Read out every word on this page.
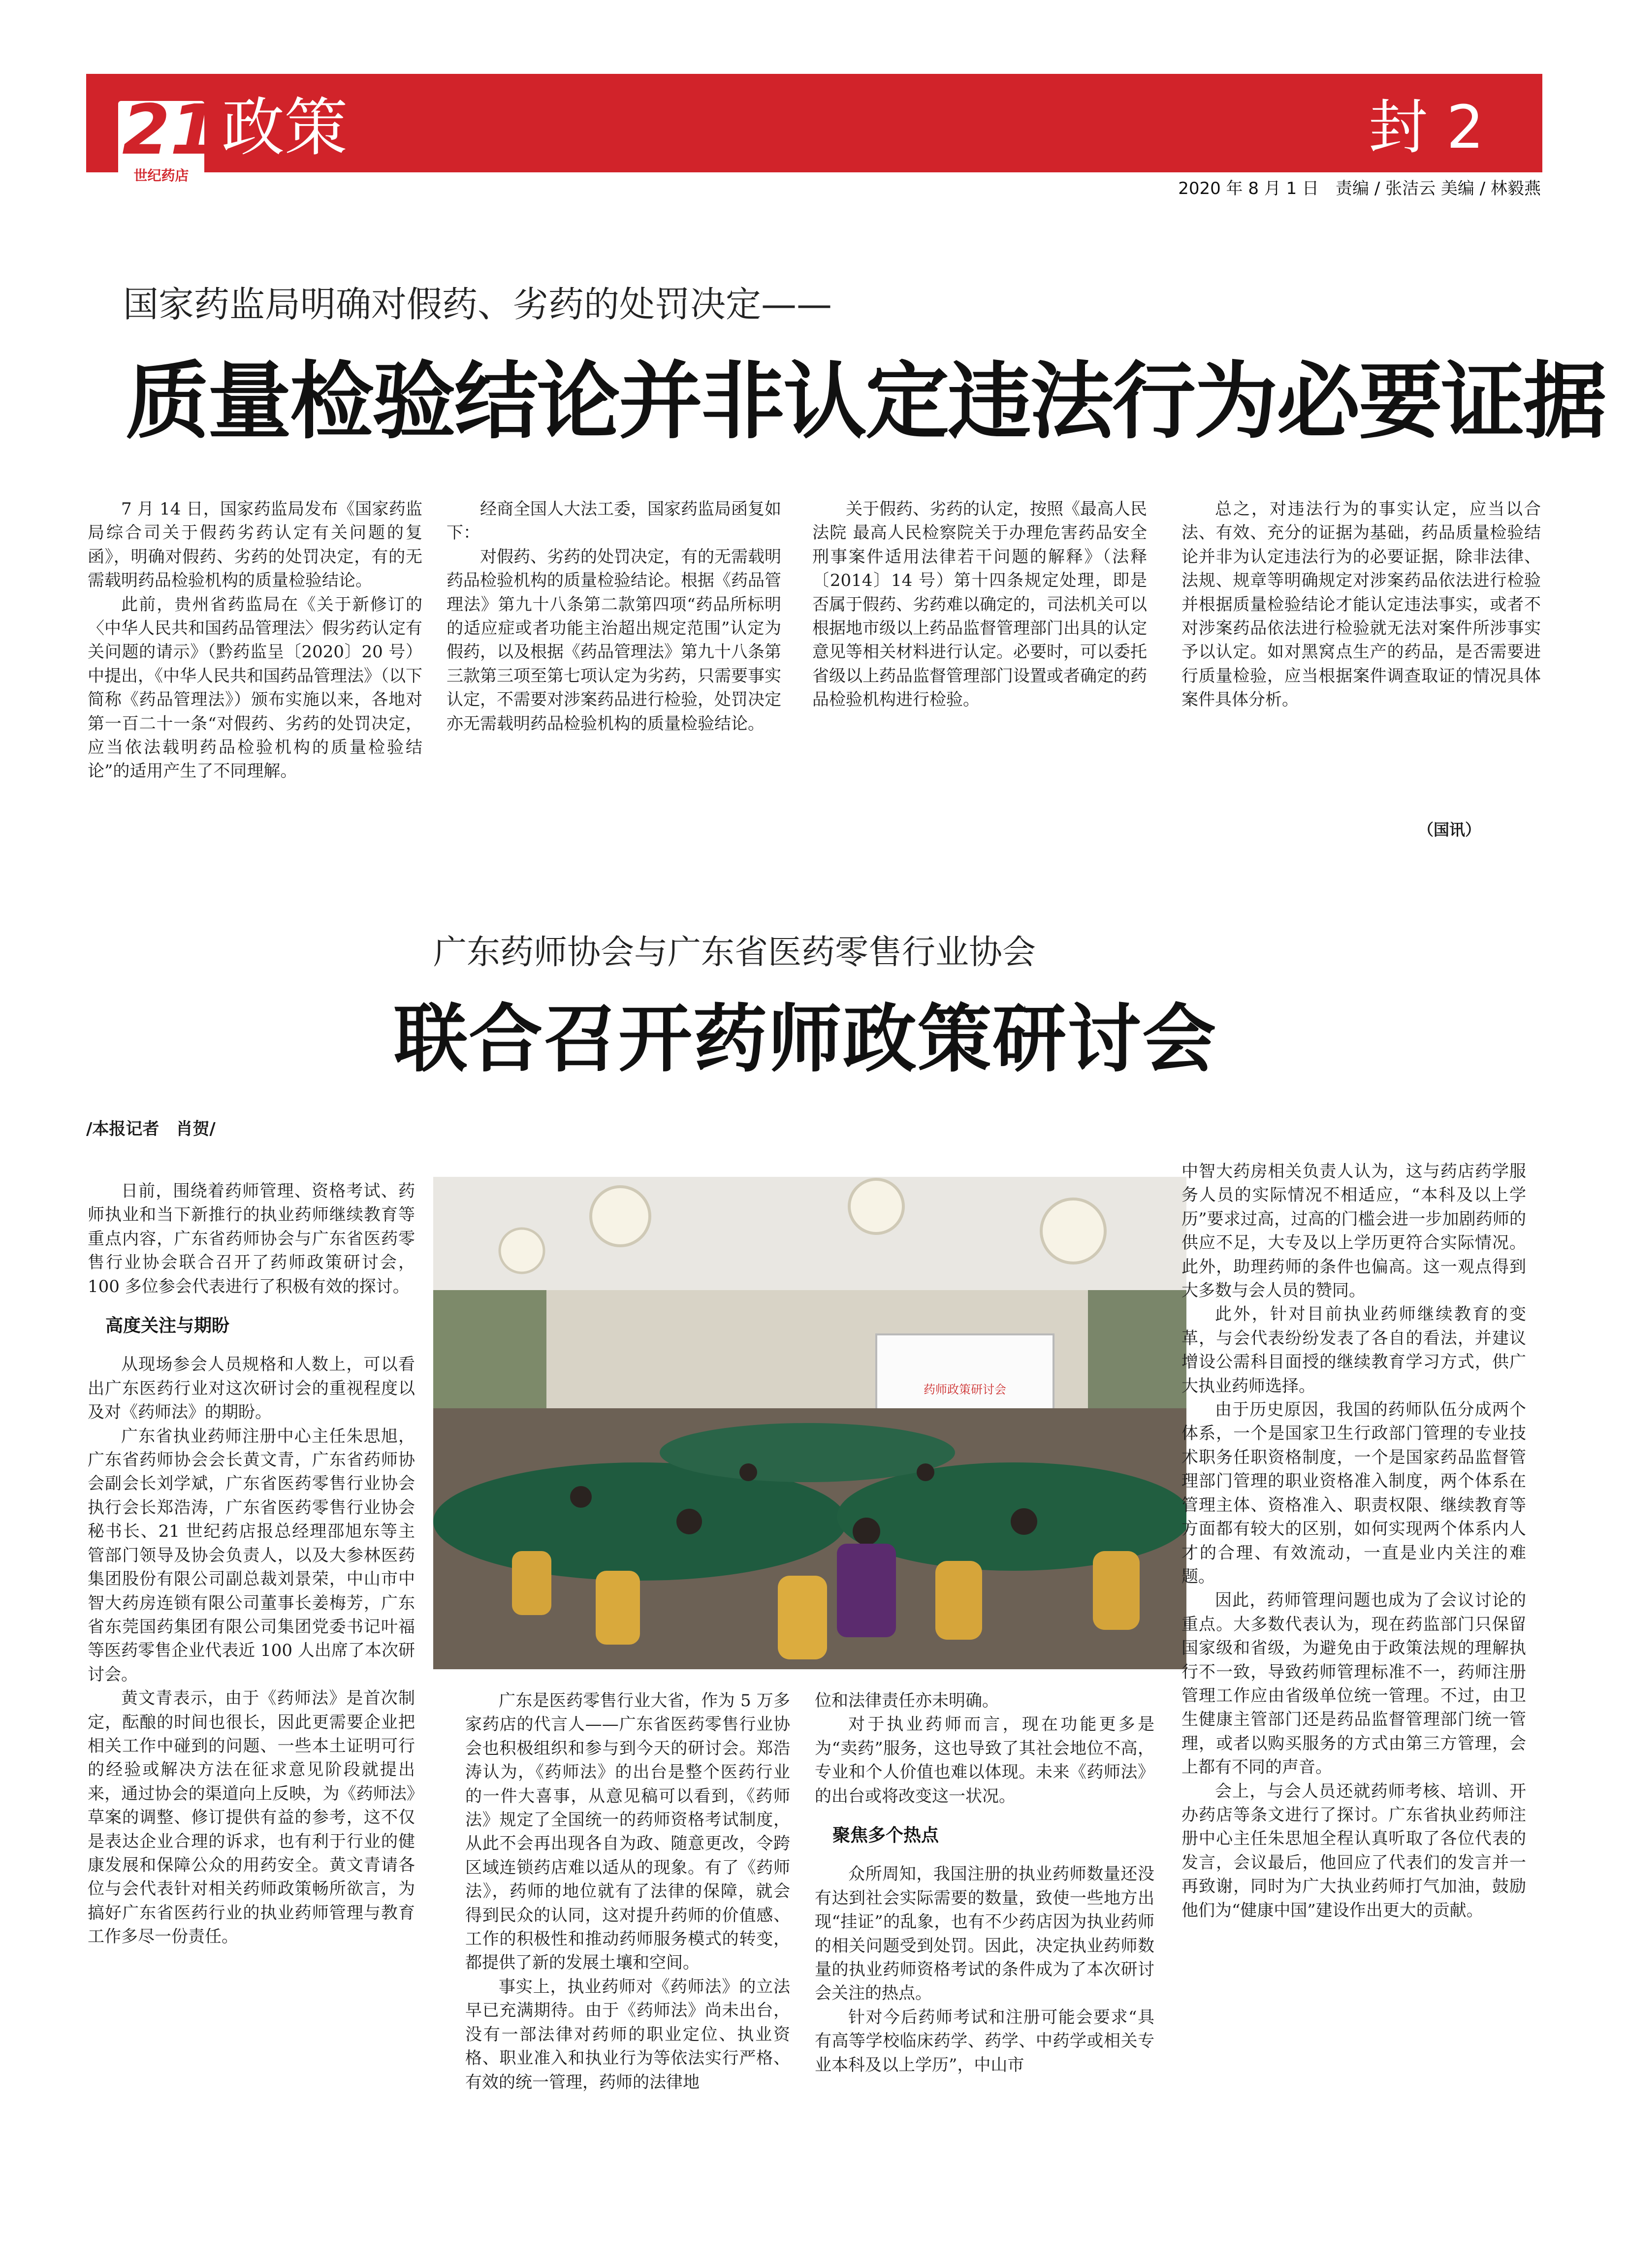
21
世纪药店
政策	封 2
2020 年 8 月 1 日　责编 / 张洁云 美编 / 林毅燕
国家药监局明确对假药、劣药的处罚决定——
质量检验结论并非认定违法行为必要证据

7 月 14 日，国家药监局发布《国家药监局综合司关于假药劣药认定有关问题的复函》，明确对假药、劣药的处罚决定，有的无需载明药品检验机构的质量检验结论。

此前，贵州省药监局在《关于新修订的〈中华人民共和国药品管理法〉假劣药认定有关问题的请示》（黔药监呈〔2020〕20 号）中提出，《中华人民共和国药品管理法》（以下简称《药品管理法》）颁布实施以来，各地对第一百二十一条“对假药、劣药的处罚决定，应当依法载明药品检验机构的质量检验结论”的适用产生了不同理解。

经商全国人大法工委，国家药监局函复如下：

对假药、劣药的处罚决定，有的无需载明药品检验机构的质量检验结论。根据《药品管理法》第九十八条第二款第四项“药品所标明的适应症或者功能主治超出规定范围”认定为假药，以及根据《药品管理法》第九十八条第三款第三项至第七项认定为劣药，只需要事实认定，不需要对涉案药品进行检验，处罚决定亦无需载明药品检验机构的质量检验结论。

关于假药、劣药的认定，按照《最高人民法院 最高人民检察院关于办理危害药品安全刑事案件适用法律若干问题的解释》（法释〔2014〕14 号）第十四条规定处理，即是否属于假药、劣药难以确定的，司法机关可以根据地市级以上药品监督管理部门出具的认定意见等相关材料进行认定。必要时，可以委托省级以上药品监督管理部门设置或者确定的药品检验机构进行检验。

总之，对违法行为的事实认定，应当以合法、有效、充分的证据为基础，药品质量检验结论并非为认定违法行为的必要证据，除非法律、法规、规章等明确规定对涉案药品依法进行检验并根据质量检验结论才能认定违法事实，或者不对涉案药品依法进行检验就无法对案件所涉事实予以认定。如对黑窝点生产的药品，是否需要进行质量检验，应当根据案件调查取证的情况具体案件具体分析。

（国讯）
广东药师协会与广东省医药零售行业协会
联合召开药师政策研讨会
/本报记者　肖贺/

日前，围绕着药师管理、资格考试、药师执业和当下新推行的执业药师继续教育等重点内容，广东省药师协会与广东省医药零售行业协会联合召开了药师政策研讨会，100 多位参会代表进行了积极有效的探讨。

高度关注与期盼

从现场参会人员规格和人数上，可以看出广东医药行业对这次研讨会的重视程度以及对《药师法》的期盼。

广东省执业药师注册中心主任朱思旭，广东省药师协会会长黄文青，广东省药师协会副会长刘学斌，广东省医药零售行业协会执行会长郑浩涛，广东省医药零售行业协会秘书长、21 世纪药店报总经理邵旭东等主管部门领导及协会负责人，以及大参林医药集团股份有限公司副总裁刘景荣，中山市中智大药房连锁有限公司董事长姜梅芳，广东省东莞国药集团有限公司集团党委书记叶福等医药零售企业代表近 100 人出席了本次研讨会。

黄文青表示，由于《药师法》是首次制定，酝酿的时间也很长，因此更需要企业把相关工作中碰到的问题、一些本土证明可行的经验或解决方法在征求意见阶段就提出来，通过协会的渠道向上反映，为《药师法》草案的调整、修订提供有益的参考，这不仅是表达企业合理的诉求，也有利于行业的健康发展和保障公众的用药安全。黄文青请各位与会代表针对相关药师政策畅所欲言，为搞好广东省医药行业的执业药师管理与教育工作多尽一份责任。

药师政策研讨会

广东是医药零售行业大省，作为 5 万多家药店的代言人——广东省医药零售行业协会也积极组织和参与到今天的研讨会。郑浩涛认为，《药师法》的出台是整个医药行业的一件大喜事，从意见稿可以看到，《药师法》规定了全国统一的药师资格考试制度，从此不会再出现各自为政、随意更改，令跨区域连锁药店难以适从的现象。有了《药师法》，药师的地位就有了法律的保障，就会得到民众的认同，这对提升药师的价值感、工作的积极性和推动药师服务模式的转变，都提供了新的发展土壤和空间。

事实上，执业药师对《药师法》的立法早已充满期待。由于《药师法》尚未出台，没有一部法律对药师的职业定位、执业资格、职业准入和执业行为等依法实行严格、有效的统一管理，药师的法律地

位和法律责任亦未明确。

对于执业药师而言，现在功能更多是为“卖药”服务，这也导致了其社会地位不高，专业和个人价值也难以体现。未来《药师法》的出台或将改变这一状况。

聚焦多个热点

众所周知，我国注册的执业药师数量还没有达到社会实际需要的数量，致使一些地方出现“挂证”的乱象，也有不少药店因为执业药师的相关问题受到处罚。因此，决定执业药师数量的执业药师资格考试的条件成为了本次研讨会关注的热点。

针对今后药师考试和注册可能会要求“具有高等学校临床药学、药学、中药学或相关专业本科及以上学历”，中山市

中智大药房相关负责人认为，这与药店药学服务人员的实际情况不相适应，“本科及以上学历”要求过高，过高的门槛会进一步加剧药师的供应不足，大专及以上学历更符合实际情况。此外，助理药师的条件也偏高。这一观点得到大多数与会人员的赞同。

此外，针对目前执业药师继续教育的变革，与会代表纷纷发表了各自的看法，并建议增设公需科目面授的继续教育学习方式，供广大执业药师选择。

由于历史原因，我国的药师队伍分成两个体系，一个是国家卫生行政部门管理的专业技术职务任职资格制度，一个是国家药品监督管理部门管理的职业资格准入制度，两个体系在管理主体、资格准入、职责权限、继续教育等方面都有较大的区别，如何实现两个体系内人才的合理、有效流动，一直是业内关注的难题。

因此，药师管理问题也成为了会议讨论的重点。大多数代表认为，现在药监部门只保留国家级和省级，为避免由于政策法规的理解执行不一致，导致药师管理标准不一，药师注册管理工作应由省级单位统一管理。不过，由卫生健康主管部门还是药品监督管理部门统一管理，或者以购买服务的方式由第三方管理，会上都有不同的声音。

会上，与会人员还就药师考核、培训、开办药店等条文进行了探讨。广东省执业药师注册中心主任朱思旭全程认真听取了各位代表的发言，会议最后，他回应了代表们的发言并一再致谢，同时为广大执业药师打气加油，鼓励他们为“健康中国”建设作出更大的贡献。
